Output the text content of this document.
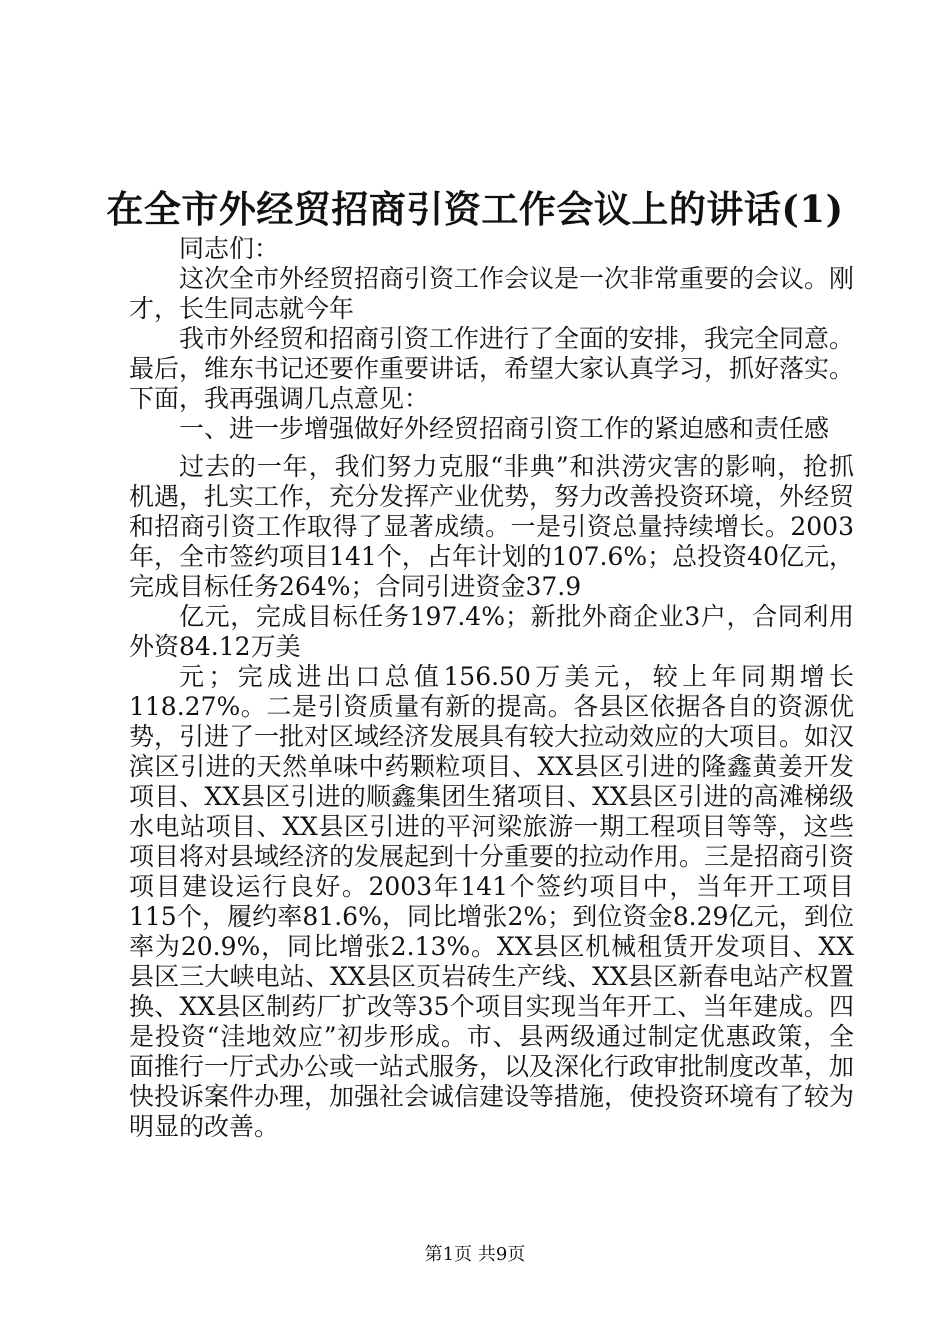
在全市外经贸招商引资工作会议上的讲话(1)

同志们：

这次全市外经贸招商引资工作会议是一次非常重要的会议。刚才，长生同志就今年

我市外经贸和招商引资工作进行了全面的安排，我完全同意。最后，维东书记还要作重要讲话，希望大家认真学习，抓好落实。下面，我再强调几点意见：

一、进一步增强做好外经贸招商引资工作的紧迫感和责任感

过去的一年，我们努力克服“非典”和洪涝灾害的影响，抢抓机遇，扎实工作，充分发挥产业优势，努力改善投资环境，外经贸和招商引资工作取得了显著成绩。一是引资总量持续增长。2003年，全市签约项目141个，占年计划的107.6%；总投资40亿元，完成目标任务264%；合同引进资金37.9

亿元，完成目标任务197.4%；新批外商企业3户，合同利用外资84.12万美

元；完成进出口总值156.50万美元，较上年同期增长118.27%。二是引资质量有新的提高。各县区依据各自的资源优势，引进了一批对区域经济发展具有较大拉动效应的大项目。如汉滨区引进的天然单味中药颗粒项目、XX县区引进的隆鑫黄姜开发项目、XX县区引进的顺鑫集团生猪项目、XX县区引进的高滩梯级水电站项目、XX县区引进的平河梁旅游一期工程项目等等，这些项目将对县域经济的发展起到十分重要的拉动作用。三是招商引资项目建设运行良好。2003年141个签约项目中，当年开工项目115个，履约率81.6%，同比增张2%；到位资金8.29亿元，到位率为20.9%，同比增张2.13%。XX县区机械租赁开发项目、XX县区三大峡电站、XX县区页岩砖生产线、XX县区新春电站产权置换、XX县区制药厂扩改等35个项目实现当年开工、当年建成。四是投资“洼地效应”初步形成。市、县两级通过制定优惠政策，全面推行一厅式办公或一站式服务，以及深化行政审批制度改革，加快投诉案件办理，加强社会诚信建设等措施，使投资环境有了较为明显的改善。

第1页 共9页
